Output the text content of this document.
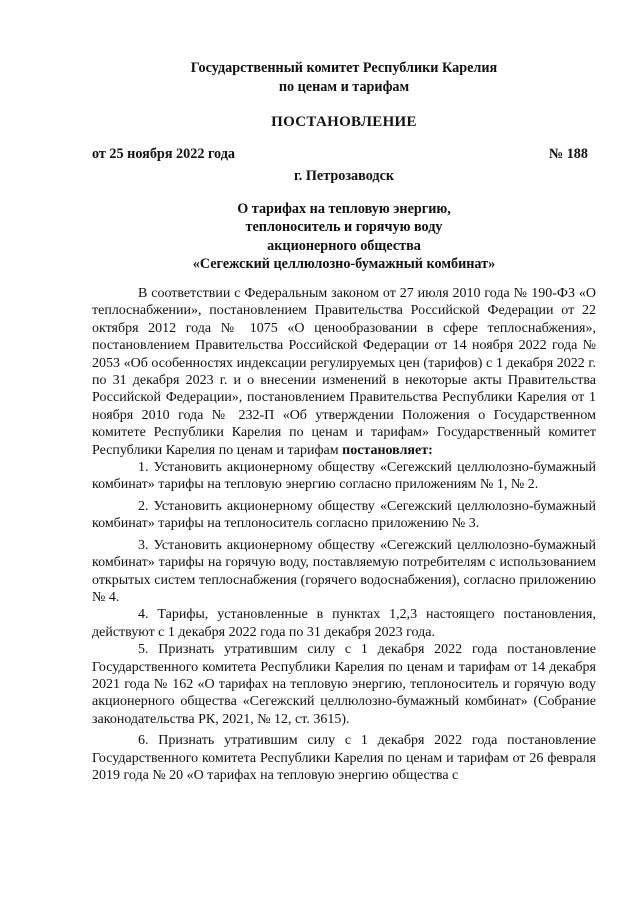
Государственный комитет Республики Карелия

по ценам и тарифам

ПОСТАНОВЛЕНИЕ

от 25 ноября 2022 года	№ 188

г. Петрозаводск

О тарифах на тепловую энергию,
теплоноситель и горячую воду
акционерного общества
«Сегежский целлюлозно-бумажный комбинат»

В соответствии с Федеральным законом от 27 июля 2010 года № 190-ФЗ «О теплоснабжении», постановлением Правительства Российской Федерации от 22 октября 2012 года № 1075 «О ценообразовании в сфере теплоснабжения», постановлением Правительства Российской Федерации от 14 ноября 2022 года № 2053 «Об особенностях индексации регулируемых цен (тарифов) с 1 декабря 2022 г. по 31 декабря 2023 г. и о внесении изменений в некоторые акты Правительства Российской Федерации», постановлением Правительства Республики Карелия от 1 ноября 2010 года № 232-П «Об утверждении Положения о Государственном комитете Республики Карелия по ценам и тарифам» Государственный комитет Республики Карелия по ценам и тарифам постановляет:

1. Установить акционерному обществу «Сегежский целлюлозно-бумажный комбинат» тарифы на тепловую энергию согласно приложениям № 1, № 2.

2. Установить акционерному обществу «Сегежский целлюлозно-бумажный комбинат» тарифы на теплоноситель согласно приложению № 3.

3. Установить акционерному обществу «Сегежский целлюлозно-бумажный комбинат» тарифы на горячую воду, поставляемую потребителям с использованием открытых систем теплоснабжения (горячего водоснабжения), согласно приложению № 4.

4. Тарифы, установленные в пунктах 1,2,3 настоящего постановления, действуют с 1 декабря 2022 года по 31 декабря 2023 года.

5. Признать утратившим силу с 1 декабря 2022 года постановление Государственного комитета Республики Карелия по ценам и тарифам от 14 декабря 2021 года № 162 «О тарифах на тепловую энергию, теплоноситель и горячую воду акционерного общества «Сегежский целлюлозно-бумажный комбинат» (Собрание законодательства РК, 2021, № 12, ст. 3615).

6. Признать утратившим силу с 1 декабря 2022 года постановление Государственного комитета Республики Карелия по ценам и тарифам от 26 февраля 2019 года № 20 «О тарифах на тепловую энергию общества с
